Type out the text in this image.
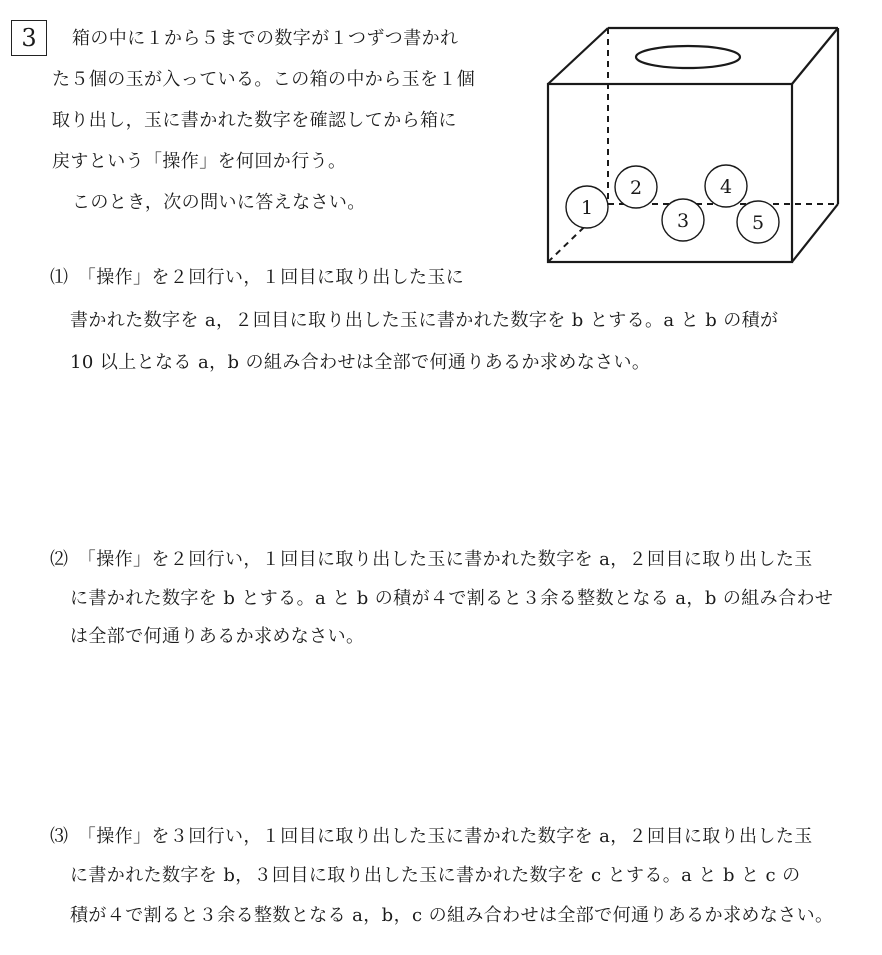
3	箱の中に１から５までの数字が１つずつ書かれ
た５個の玉が入っている。この箱の中から玉を１個
取り出し，玉に書かれた数字を確認してから箱に
戻すという「操作」を何回か行う。
このとき，次の問いに答えなさい。	1
2
3
4
5
⑴　「操作」を２回行い，１回目に取り出した玉に
書かれた数字を a，２回目に取り出した玉に書かれた数字を b とする。a と b の積が
10 以上となる a，b の組み合わせは全部で何通りあるか求めなさい。
⑵　「操作」を２回行い，１回目に取り出した玉に書かれた数字を a，２回目に取り出した玉
に書かれた数字を b とする。a と b の積が４で割ると３余る整数となる a，b の組み合わせ
は全部で何通りあるか求めなさい。
⑶　「操作」を３回行い，１回目に取り出した玉に書かれた数字を a，２回目に取り出した玉
に書かれた数字を b，３回目に取り出した玉に書かれた数字を c とする。a と b と c の
積が４で割ると３余る整数となる a，b，c の組み合わせは全部で何通りあるか求めなさい。
